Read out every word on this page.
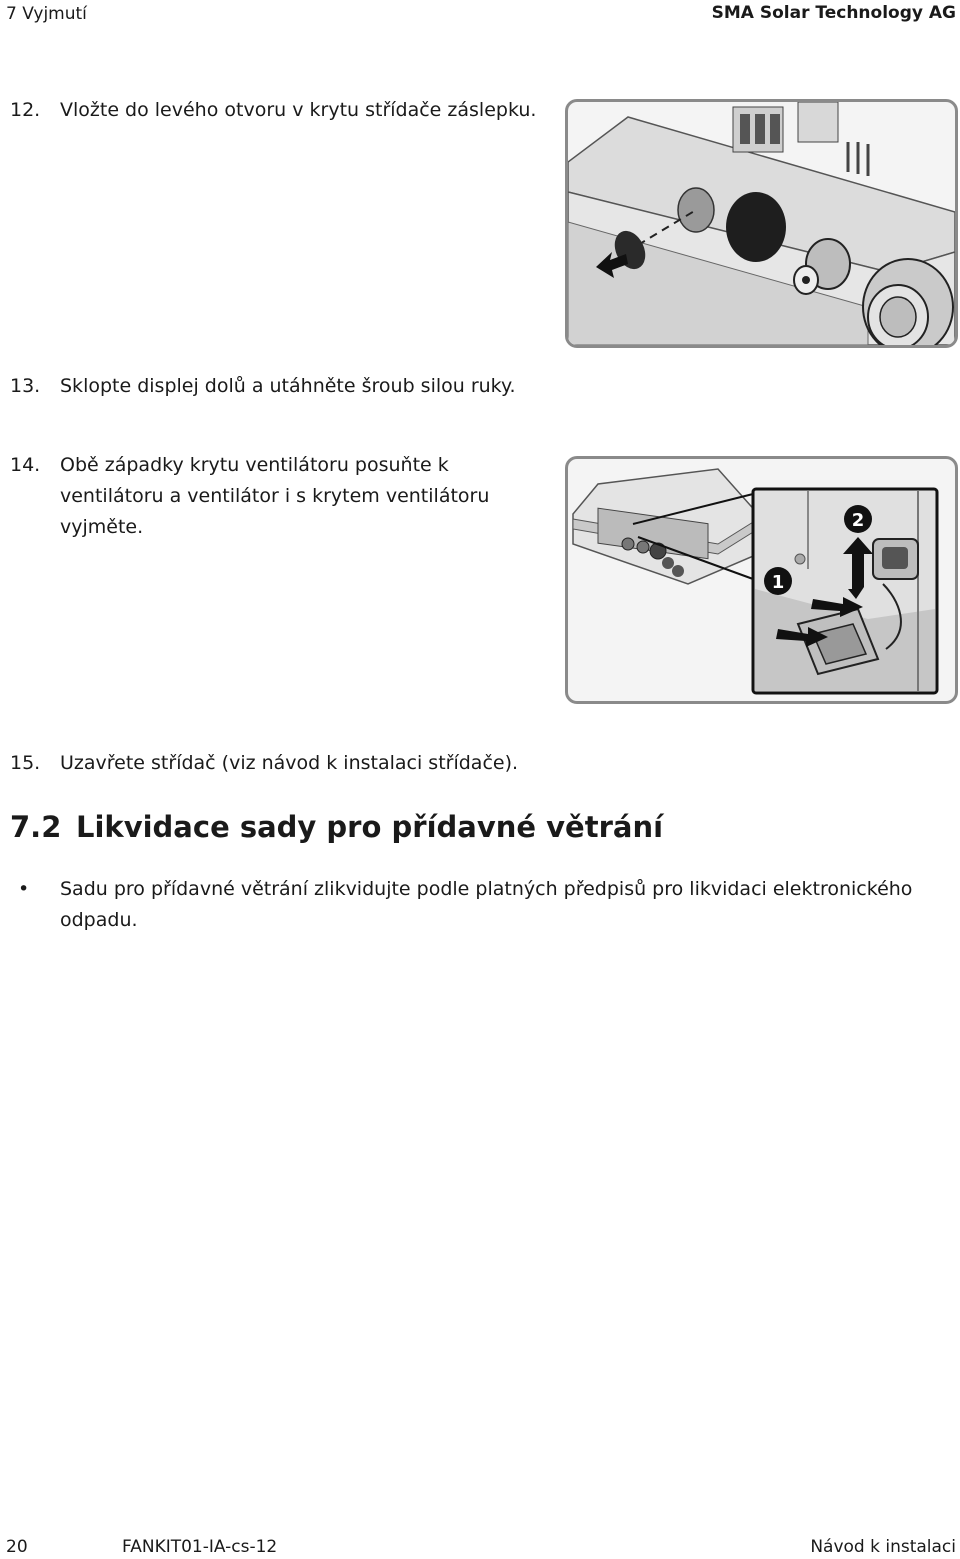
7 Vyjmutí	SMA Solar Technology AG
12. Vložte do levého otvoru v krytu střídače záslepku.
13. Sklopte displej dolů a utáhněte šroub silou ruky.
14. Obě západky krytu ventilátoru posuňte k ventilátoru a ventilátor i s krytem ventilátoru vyjměte.
1
2
15. Uzavřete střídač (viz návod k instalaci střídače).
7.2 Likvidace sady pro přídavné větrání
• Sadu pro přídavné větrání zlikvidujte podle platných předpisů pro likvidaci elektronického odpadu.
20	FANKIT01-IA-cs-12	Návod k instalaci
